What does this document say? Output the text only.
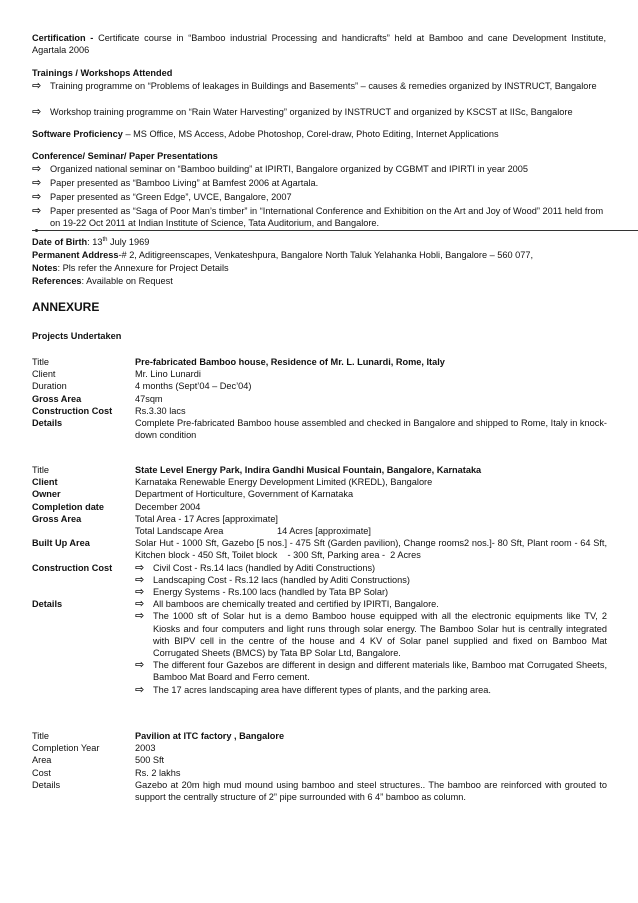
Certification - Certificate course in “Bamboo industrial Processing and handicrafts” held at Bamboo and cane Development Institute, Agartala 2006

Trainings / Workshops Attended

⇨ Training programme on “Problems of leakages in Buildings and Basements” – causes & remedies organized by INSTRUCT, Bangalore
⇨ Workshop training programme on “Rain Water Harvesting” organized by INSTRUCT and organized by KSCST at IISc, Bangalore

Software Proficiency – MS Office, MS Access, Adobe Photoshop, Corel-draw, Photo Editing, Internet Applications

Conference/ Seminar/ Paper Presentations

⇨ Organized national seminar on “Bamboo building” at IPIRTI, Bangalore organized by CGBMT and IPIRTI in year 2005
⇨ Paper presented as “Bamboo Living” at Bamfest 2006 at Agartala.
⇨ Paper presented as “Green Edge”, UVCE, Bangalore, 2007
⇨ Paper presented as “Saga of Poor Man’s timber” in “International Conference and Exhibition on the Art and Joy of Wood” 2011 held from on 19-22 Oct 2011 at Indian Institute of Science, Tata Auditorium, and Bangalore.

Date of Birth: 13th July 1969

Permanent Address-# 2, Aditigreenscapes, Venkateshpura, Bangalore North Taluk Yelahanka Hobli, Bangalore – 560 077,

Notes: Pls refer the Annexure for Project Details

References: Available on Request

ANNEXURE

Projects Undertaken

Title	Pre-fabricated Bamboo house, Residence of Mr. L. Lunardi, Rome, Italy
Client	Mr. Lino Lunardi
Duration	4 months (Sept’04 – Dec’04)
Gross Area	47sqm
Construction Cost	Rs.3.30 lacs
Details	Complete Pre-fabricated Bamboo house assembled and checked in Bangalore and shipped to Rome, Italy in knock- down condition
Title	State Level Energy Park, Indira Gandhi Musical Fountain, Bangalore, Karnataka
Client	Karnataka Renewable Energy Development Limited (KREDL), Bangalore
Owner	Department of Horticulture, Government of Karnataka
Completion date	December 2004
Gross Area	Total Area - 17 Acres [approximate]
Total Landscape Area                     14 Acres [approximate]
Built Up Area	Solar Hut - 1000 Sft, Gazebo [5 nos.] - 475 Sft (Garden pavilion), Change rooms2 nos.]- 80 Sft, Plant room - 64 Sft, Kitchen block - 450 Sft, Toilet block    - 300 Sft, Parking area -  2 Acres
Construction Cost	⇨ Civil Cost - Rs.14 lacs (handled by Aditi Constructions)
⇨ Landscaping Cost - Rs.12 lacs (handled by Aditi Constructions)
⇨ Energy Systems - Rs.100 lacs (handled by Tata BP Solar)
Details	⇨ All bamboos are chemically treated and certified by IPIRTI, Bangalore.
⇨ The 1000 sft of Solar hut is a demo Bamboo house equipped with all the electronic equipments like TV, 2 Kiosks and four computers and light runs through solar energy. The Bamboo Solar hut is centrally integrated with BIPV cell in the centre of the house and 4 KV of Solar panel supplied and fixed on Bamboo Mat Corrugated Sheets (BMCS) by Tata BP Solar Ltd, Bangalore.
⇨ The different four Gazebos are different in design and different materials like, Bamboo mat Corrugated Sheets, Bamboo Mat Board and Ferro cement.
⇨ The 17 acres landscaping area have different types of plants, and the parking area.
Title	Pavilion at ITC factory , Bangalore
Completion Year	2003
Area	500 Sft
Cost	Rs. 2 lakhs
Details	Gazebo at 20m high mud mound using bamboo and steel structures.. The bamboo are reinforced with grouted to support the centrally structure of 2” pipe surrounded with 6 4” bamboo as column.
